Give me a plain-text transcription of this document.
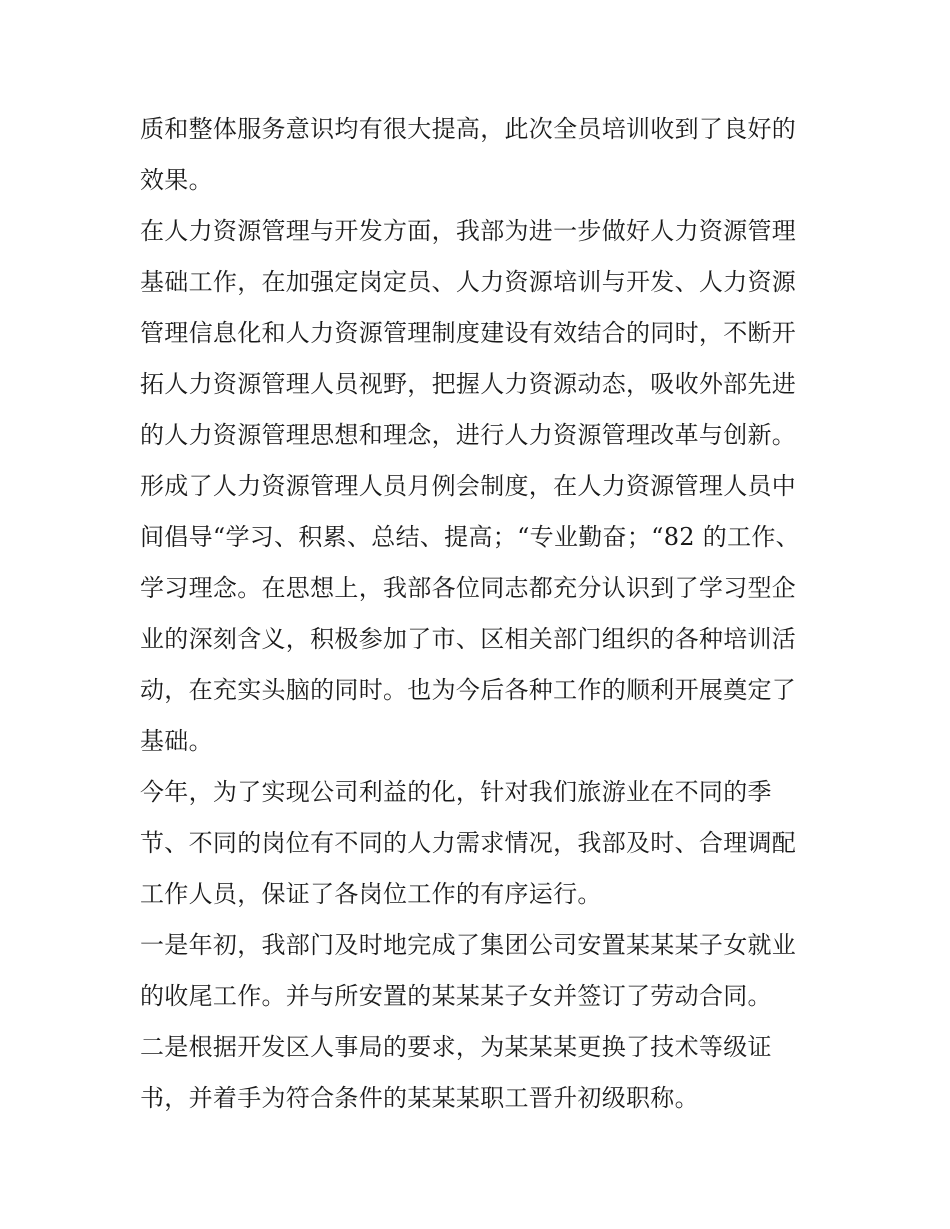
质和整体服务意识均有很大提高，此次全员培训收到了良好的
效果。
在人力资源管理与开发方面，我部为进一步做好人力资源管理
基础工作，在加强定岗定员、人力资源培训与开发、人力资源
管理信息化和人力资源管理制度建设有效结合的同时，不断开
拓人力资源管理人员视野，把握人力资源动态，吸收外部先进
的人力资源管理思想和理念，进行人力资源管理改革与创新。
形成了人力资源管理人员月例会制度，在人力资源管理人员中
间倡导“学习、积累、总结、提高；“专业勤奋；“82 的工作、
学习理念。在思想上，我部各位同志都充分认识到了学习型企
业的深刻含义，积极参加了市、区相关部门组织的各种培训活
动，在充实头脑的同时。也为今后各种工作的顺利开展奠定了
基础。
今年，为了实现公司利益的化，针对我们旅游业在不同的季
节、不同的岗位有不同的人力需求情况，我部及时、合理调配
工作人员，保证了各岗位工作的有序运行。
一是年初，我部门及时地完成了集团公司安置某某某子女就业
的收尾工作。并与所安置的某某某子女并签订了劳动合同。
二是根据开发区人事局的要求，为某某某更换了技术等级证
书，并着手为符合条件的某某某职工晋升初级职称。
